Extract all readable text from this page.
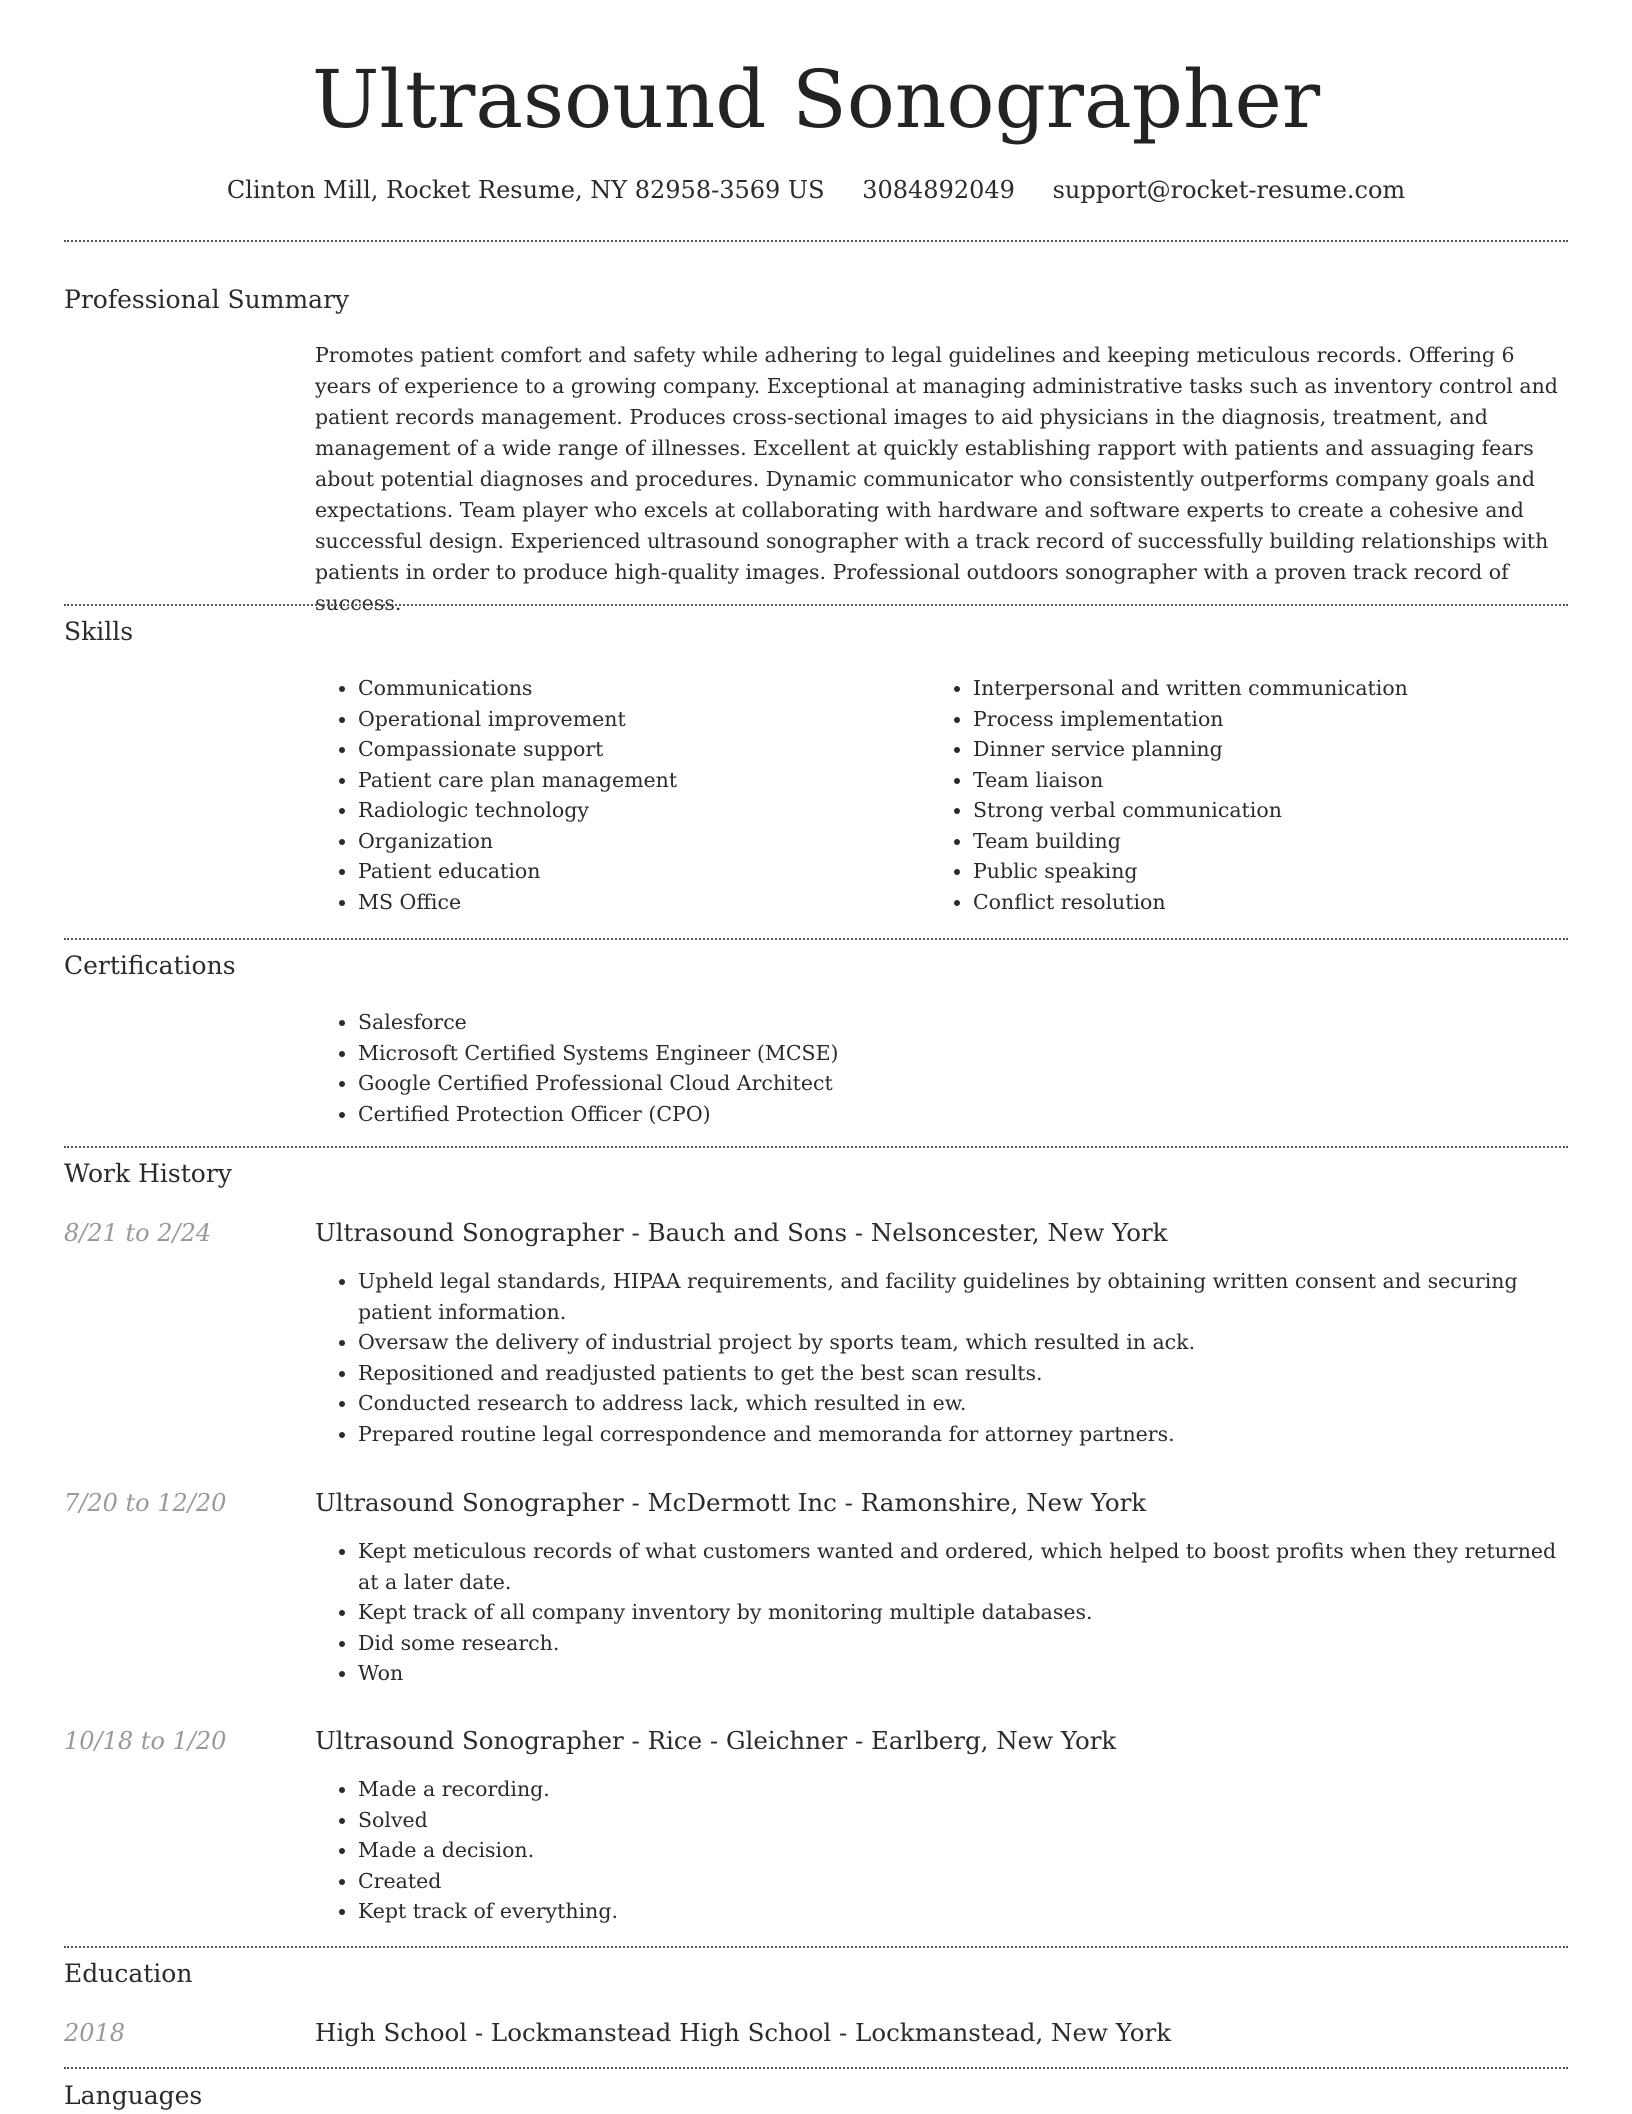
Ultrasound Sonographer
Clinton Mill, Rocket Resume, NY 82958-3569 US 3084892049 support@rocket-resume.com
Professional Summary

Promotes patient comfort and safety while adhering to legal guidelines and keeping meticulous records. Offering 6 years of experience to a growing company. Exceptional at managing administrative tasks such as inventory control and patient records management. Produces cross-sectional images to aid physicians in the diagnosis, treatment, and management of a wide range of illnesses. Excellent at quickly establishing rapport with patients and assuaging fears about potential diagnoses and procedures. Dynamic communicator who consistently outperforms company goals and expectations. Team player who excels at collaborating with hardware and software experts to create a cohesive and successful design. Experienced ultrasound sonographer with a track record of successfully building relationships with patients in order to produce high-quality images. Professional outdoors sonographer with a proven track record of success.

Skills
• Communications
• Operational improvement
• Compassionate support
• Patient care plan management
• Radiologic technology
• Organization
• Patient education
• MS Office
• Interpersonal and written communication
• Process implementation
• Dinner service planning
• Team liaison
• Strong verbal communication
• Team building
• Public speaking
• Conflict resolution
Certifications
• Salesforce
• Microsoft Certified Systems Engineer (MCSE)
• Google Certified Professional Cloud Architect
• Certified Protection Officer (CPO)
Work History
8/21 to 2/24	Ultrasound Sonographer - Bauch and Sons - Nelsoncester, New York
• Upheld legal standards, HIPAA requirements, and facility guidelines by obtaining written consent and securing patient information.
• Oversaw the delivery of industrial project by sports team, which resulted in ack.
• Repositioned and readjusted patients to get the best scan results.
• Conducted research to address lack, which resulted in ew.
• Prepared routine legal correspondence and memoranda for attorney partners.
7/20 to 12/20	Ultrasound Sonographer - McDermott Inc - Ramonshire, New York
• Kept meticulous records of what customers wanted and ordered, which helped to boost profits when they returned at a later date.
• Kept track of all company inventory by monitoring multiple databases.
• Did some research.
• Won
10/18 to 1/20	Ultrasound Sonographer - Rice - Gleichner - Earlberg, New York
• Made a recording.
• Solved
• Made a decision.
• Created
• Kept track of everything.
Education
2018	High School - Lockmanstead High School - Lockmanstead, New York
Languages
